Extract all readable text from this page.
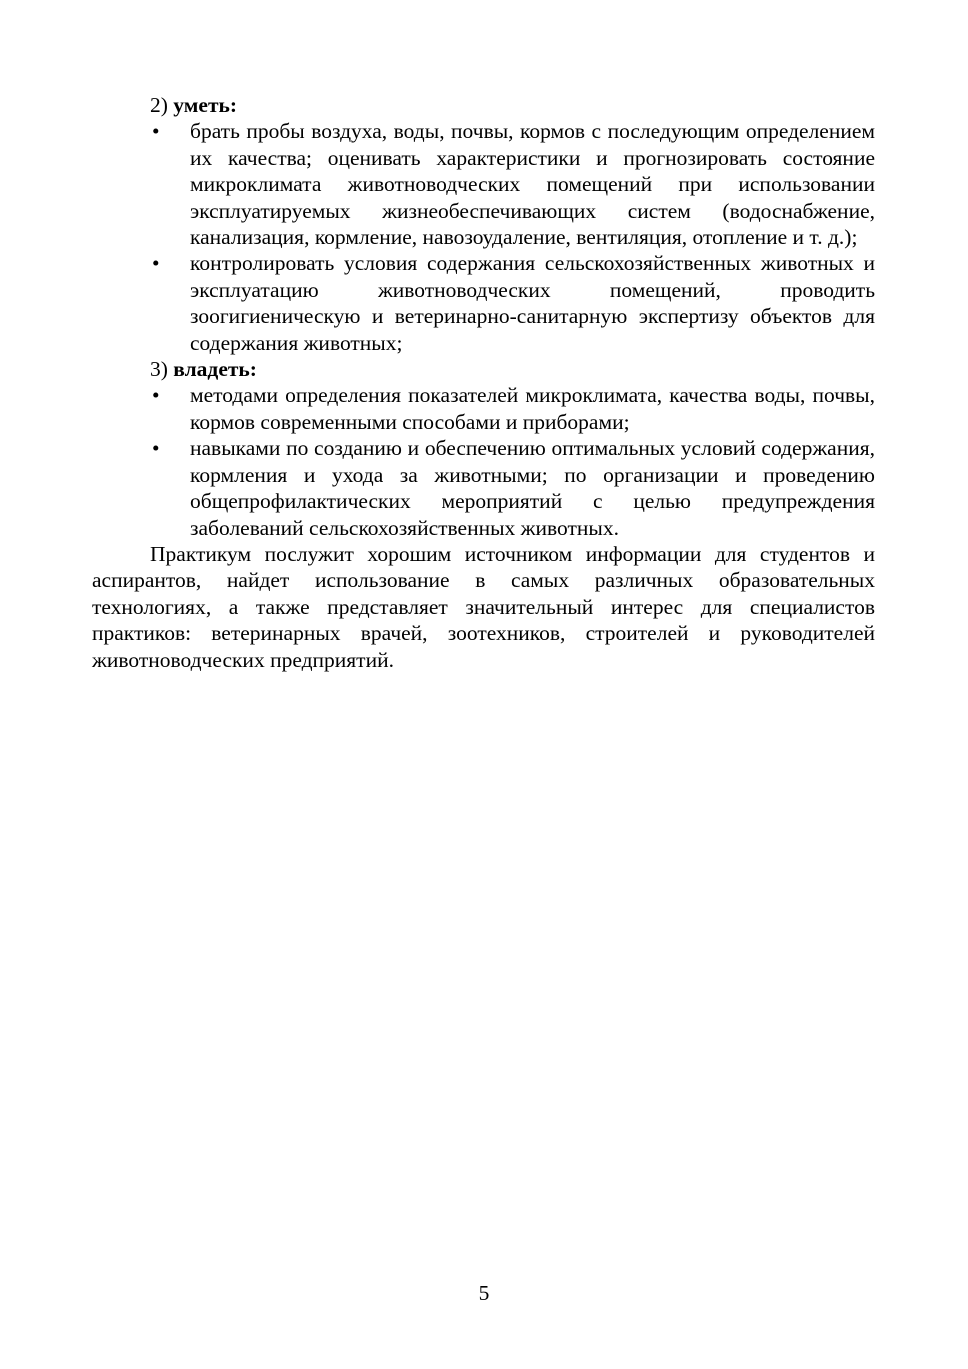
2) уметь:

• брать пробы воздуха, воды, почвы, кормов с последующим определением их качества; оценивать характеристики и прогнозировать состояние микроклимата животноводческих помещений при использовании эксплуатируемых жизнеобеспечивающих систем (водоснабжение, канализация, кормление, навозоудаление, вентиляция, отопление и т. д.);
• контролировать условия содержания сельскохозяйственных животных и эксплуатацию животноводческих помещений, проводить зоогигиеническую и ветеринарно-санитарную экспертизу объектов для содержания животных;

3) владеть:

• методами определения показателей микроклимата, качества воды, почвы, кормов современными способами и приборами;
• навыками по созданию и обеспечению оптимальных условий содержания, кормления и ухода за животными; по организации и проведению общепрофилактических мероприятий с целью предупреждения заболеваний сельскохозяйственных животных.

Практикум послужит хорошим источником информации для студентов и аспирантов, найдет использование в самых различных образовательных технологиях, а также представляет значительный интерес для специалистов практиков: ветеринарных врачей, зоотехников, строителей и руководителей животноводческих предприятий.

5
